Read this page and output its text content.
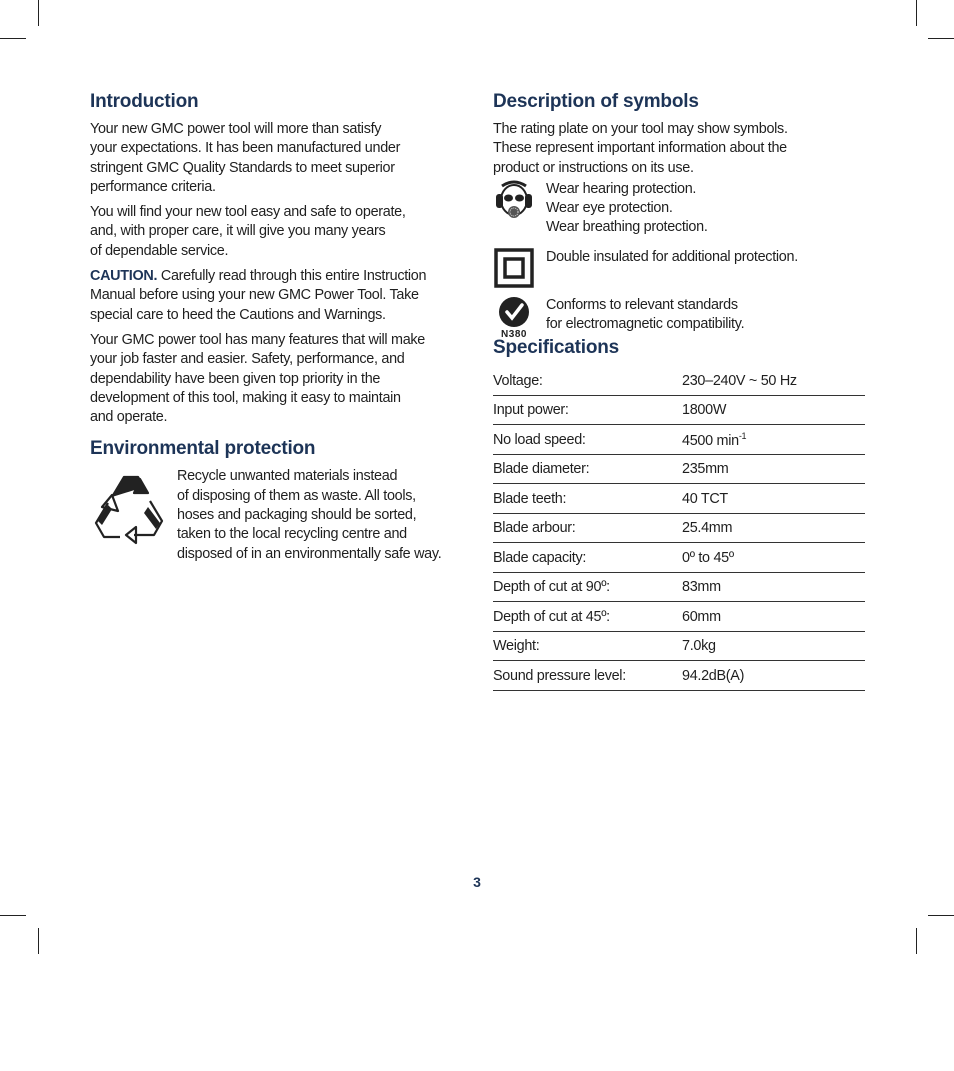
Introduction

Your new GMC power tool will more than satisfy
your expectations. It has been manufactured under
stringent GMC Quality Standards to meet superior
performance criteria.

You will find your new tool easy and safe to operate,
and, with proper care, it will give you many years
of dependable service.

CAUTION. Carefully read through this entire Instruction
Manual before using your new GMC Power Tool. Take
special care to heed the Cautions and Warnings.

Your GMC power tool has many features that will make
your job faster and easier. Safety, performance, and
dependability have been given top priority in the
development of this tool, making it easy to maintain
and operate.

Environmental protection

Recycle unwanted materials instead
of disposing of them as waste. All tools,
hoses and packaging should be sorted,
taken to the local recycling centre and
disposed of in an environmentally safe way.

Description of symbols

The rating plate on your tool may show symbols.
These represent important information about the
product or instructions on its use.

Wear hearing protection.
Wear eye protection.
Wear breathing protection.

Double insulated for additional protection.

N380

Conforms to relevant standards
for electromagnetic compatibility.

Specifications
Voltage:	230–240V ~ 50 Hz
Input power:	1800W
No load speed:	4500 $\min^{-1}$
Blade diameter:	235mm
Blade teeth:	40 TCT
Blade arbour:	25.4mm
Blade capacity:	0º to 45º
Depth of cut at 90º:	83mm
Depth of cut at 45º:	60mm
Weight:	7.0kg
Sound pressure level:	94.2dB(A)
3
